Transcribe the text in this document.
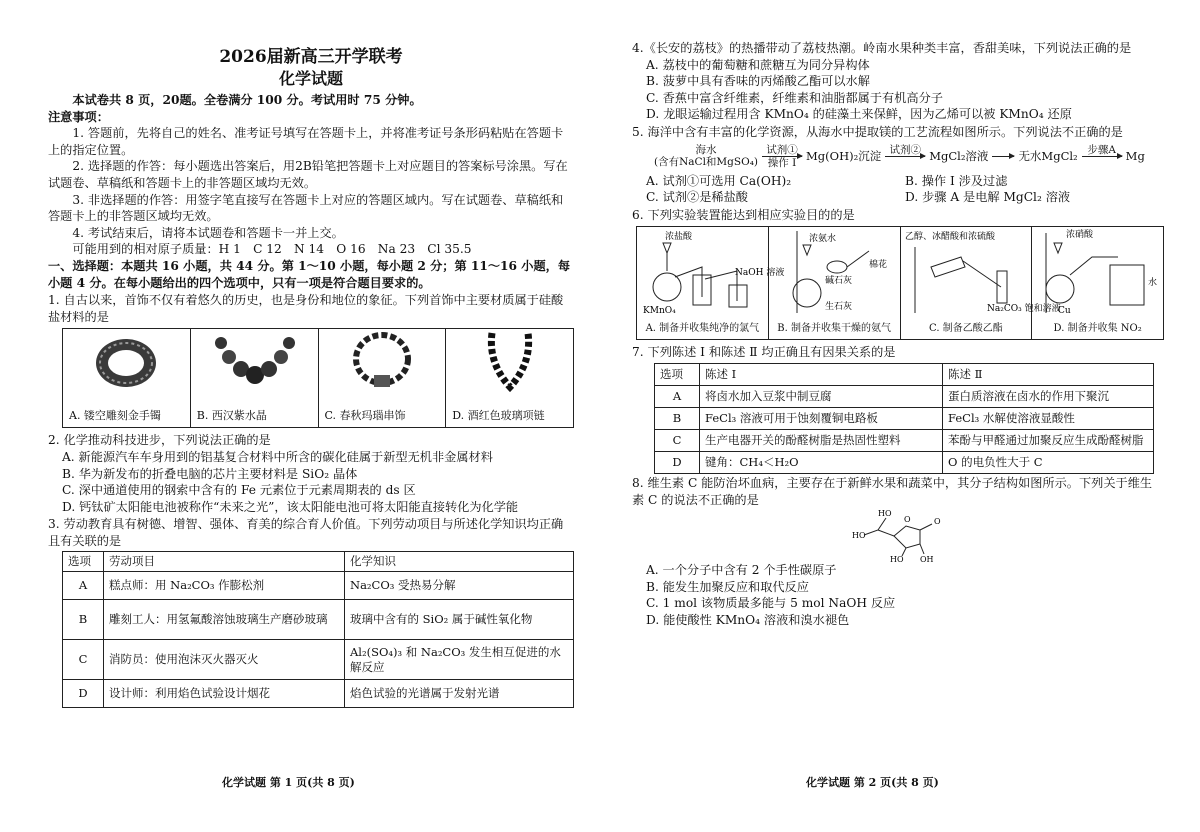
2026届新高三开学联考

化学试题

本试卷共 8 页，20题。全卷满分 100 分。考试用时 75 分钟。

注意事项：

1. 答题前，先将自己的姓名、准考证号填写在答题卡上，并将准考证号条形码粘贴在答题卡上的指定位置。

2. 选择题的作答：每小题选出答案后，用2B铅笔把答题卡上对应题目的答案标号涂黑。写在试题卷、草稿纸和答题卡上的非答题区域均无效。

3. 非选择题的作答：用签字笔直接写在答题卡上对应的答题区域内。写在试题卷、草稿纸和答题卡上的非答题区域均无效。

4. 考试结束后，请将本试题卷和答题卡一并上交。

可能用到的相对原子质量：H 1　C 12　N 14　O 16　Na 23　Cl 35.5

一、选择题：本题共 16 小题，共 44 分。第 1～10 小题，每小题 2 分；第 11～16 小题，每小题 4 分。在每小题给出的四个选项中，只有一项是符合题目要求的。

1. 自古以来，首饰不仅有着悠久的历史，也是身份和地位的象征。下列首饰中主要材质属于硅酸盐材料的是

A. 镂空雕刻金手镯	B. 西汉紫水晶	C. 春秋玛瑙串饰	D. 酒红色玻璃项链

2. 化学推动科技进步，下列说法正确的是

A. 新能源汽车车身用到的铝基复合材料中所含的碳化硅属于新型无机非金属材料

B. 华为新发布的折叠电脑的芯片主要材料是 SiO₂ 晶体

C. 深中通道使用的钢索中含有的 Fe 元素位于元素周期表的 ds 区

D. 钙钛矿太阳能电池被称作“未来之光”，该太阳能电池可将太阳能直接转化为化学能

3. 劳动教育具有树德、增智、强体、育美的综合育人价值。下列劳动项目与所述化学知识均正确且有关联的是

选项	劳动项目	化学知识
A	糕点师：用 Na₂CO₃ 作膨松剂	Na₂CO₃ 受热易分解
B	雕刻工人：用氢氟酸溶蚀玻璃生产磨砂玻璃	玻璃中含有的 SiO₂ 属于碱性氧化物
C	消防员：使用泡沫灭火器灭火	Al₂(SO₄)₃ 和 Na₂CO₃ 发生相互促进的水解反应
D	设计师：利用焰色试验设计烟花	焰色试验的光谱属于发射光谱
化学试题 第 1 页(共 8 页)

4.《长安的荔枝》的热播带动了荔枝热潮。岭南水果种类丰富，香甜美味，下列说法正确的是

A. 荔枝中的葡萄糖和蔗糖互为同分异构体

B. 菠萝中具有香味的丙烯酸乙酯可以水解

C. 香蕉中富含纤维素，纤维素和油脂都属于有机高分子

D. 龙眼运输过程用含 KMnO₄ 的硅藻土来保鲜，因为乙烯可以被 KMnO₄ 还原

5. 海洋中含有丰富的化学资源，从海水中提取镁的工艺流程如图所示。下列说法不正确的是

海水
(含有NaCl和MgSO₄)
试剂①
操作 Ⅰ Mg(OH)₂沉淀 试剂②
MgCl₂溶液

	无水MgCl₂ 步骤A
Mg
A. 试剂①可选用 Ca(OH)₂	B. 操作 Ⅰ 涉及过滤
C. 试剂②是稀盐酸	D. 步骤 A 是电解 MgCl₂ 溶液

6. 下列实验装置能达到相应实验目的的是

浓盐酸
KMnO₄
NaOH 溶液
A. 制备并收集纯净的氯气
浓氨水
碱石灰
棉花
生石灰
B. 制备并收集干燥的氨气
乙醇、冰醋酸和浓硫酸
Na₂CO₃ 饱和溶液
C. 制备乙酸乙酯
浓硝酸
Cu
水
D. 制备并收集 NO₂

7. 下列陈述 Ⅰ 和陈述 Ⅱ 均正确且有因果关系的是

选项	陈述 Ⅰ	陈述 Ⅱ
A	将卤水加入豆浆中制豆腐	蛋白质溶液在卤水的作用下聚沉
B	FeCl₃ 溶液可用于蚀刻覆铜电路板	FeCl₃ 水解使溶液显酸性
C	生产电器开关的酚醛树脂是热固性塑料	苯酚与甲醛通过加聚反应生成酚醛树脂
D	键角：CH₄＜H₂O	O 的电负性大于 C

8. 维生素 C 能防治坏血病，主要存在于新鲜水果和蔬菜中，其分子结构如图所示。下列关于维生素 C 的说法不正确的是

HO
HO
O	O
HO OH

A. 一个分子中含有 2 个手性碳原子

B. 能发生加聚反应和取代反应

C. 1 mol 该物质最多能与 5 mol NaOH 反应

D. 能使酸性 KMnO₄ 溶液和溴水褪色

化学试题 第 2 页(共 8 页)
